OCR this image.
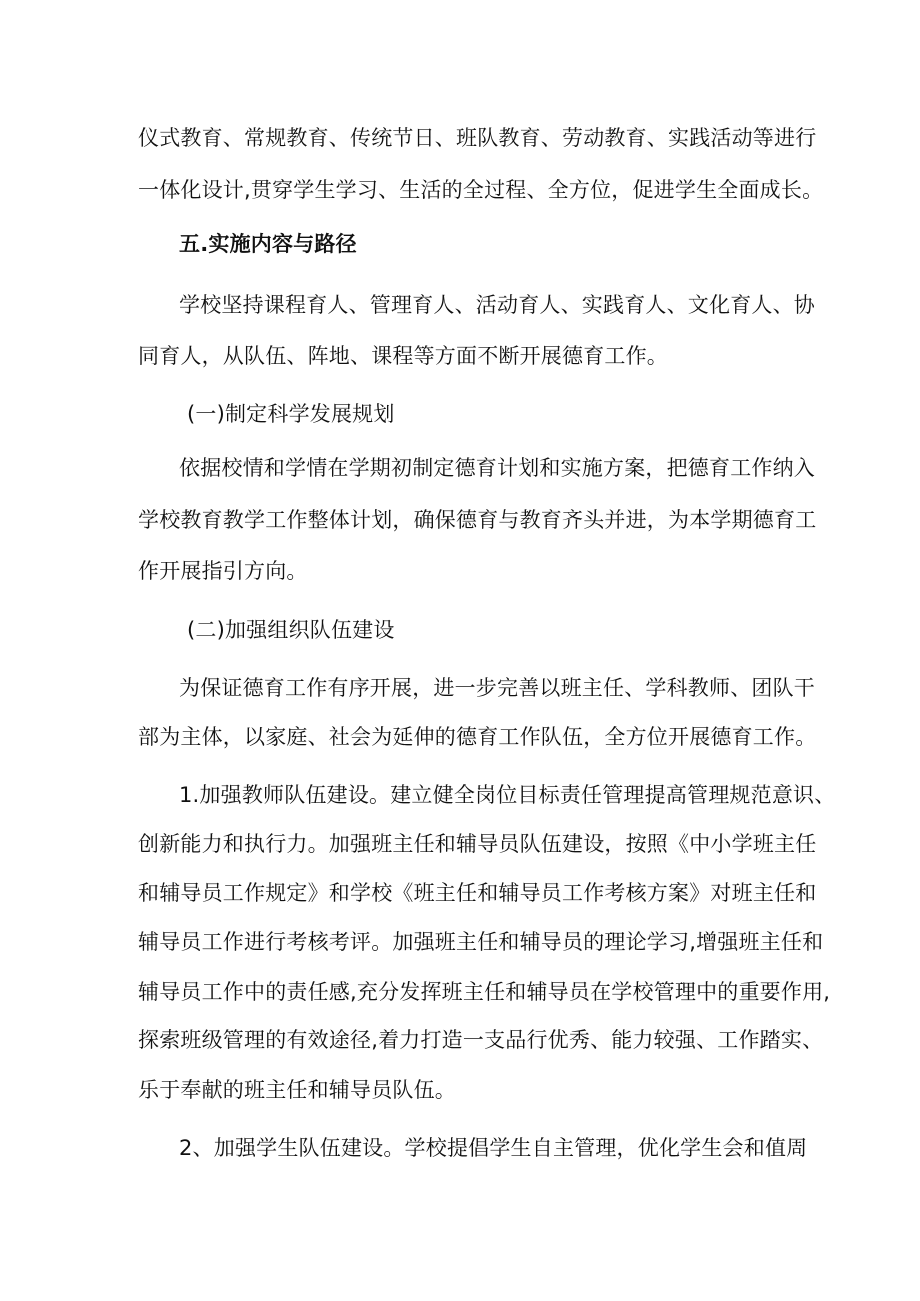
仪式教育、常规教育、传统节日、班队教育、劳动教育、实践活动等进行
一体化设计,贯穿学生学习、生活的全过程、全方位，促进学生全面成长。
五.实施内容与路径
学校坚持课程育人、管理育人、活动育人、实践育人、文化育人、协
同育人，从队伍、阵地、课程等方面不断开展德育工作。
(一)制定科学发展规划
依据校情和学情在学期初制定德育计划和实施方案，把德育工作纳入
学校教育教学工作整体计划，确保德育与教育齐头并进，为本学期德育工
作开展指引方向。
(二)加强组织队伍建设
为保证德育工作有序开展，进一步完善以班主任、学科教师、团队干
部为主体，以家庭、社会为延伸的德育工作队伍，全方位开展德育工作。
1.加强教师队伍建设。建立健全岗位目标责任管理提高管理规范意识、
创新能力和执行力。加强班主任和辅导员队伍建设，按照《中小学班主任
和辅导员工作规定》和学校《班主任和辅导员工作考核方案》对班主任和
辅导员工作进行考核考评。加强班主任和辅导员的理论学习,增强班主任和
辅导员工作中的责任感,充分发挥班主任和辅导员在学校管理中的重要作用,
探索班级管理的有效途径,着力打造一支品行优秀、能力较强、工作踏实、
乐于奉献的班主任和辅导员队伍。
2、加强学生队伍建设。学校提倡学生自主管理，优化学生会和值周
